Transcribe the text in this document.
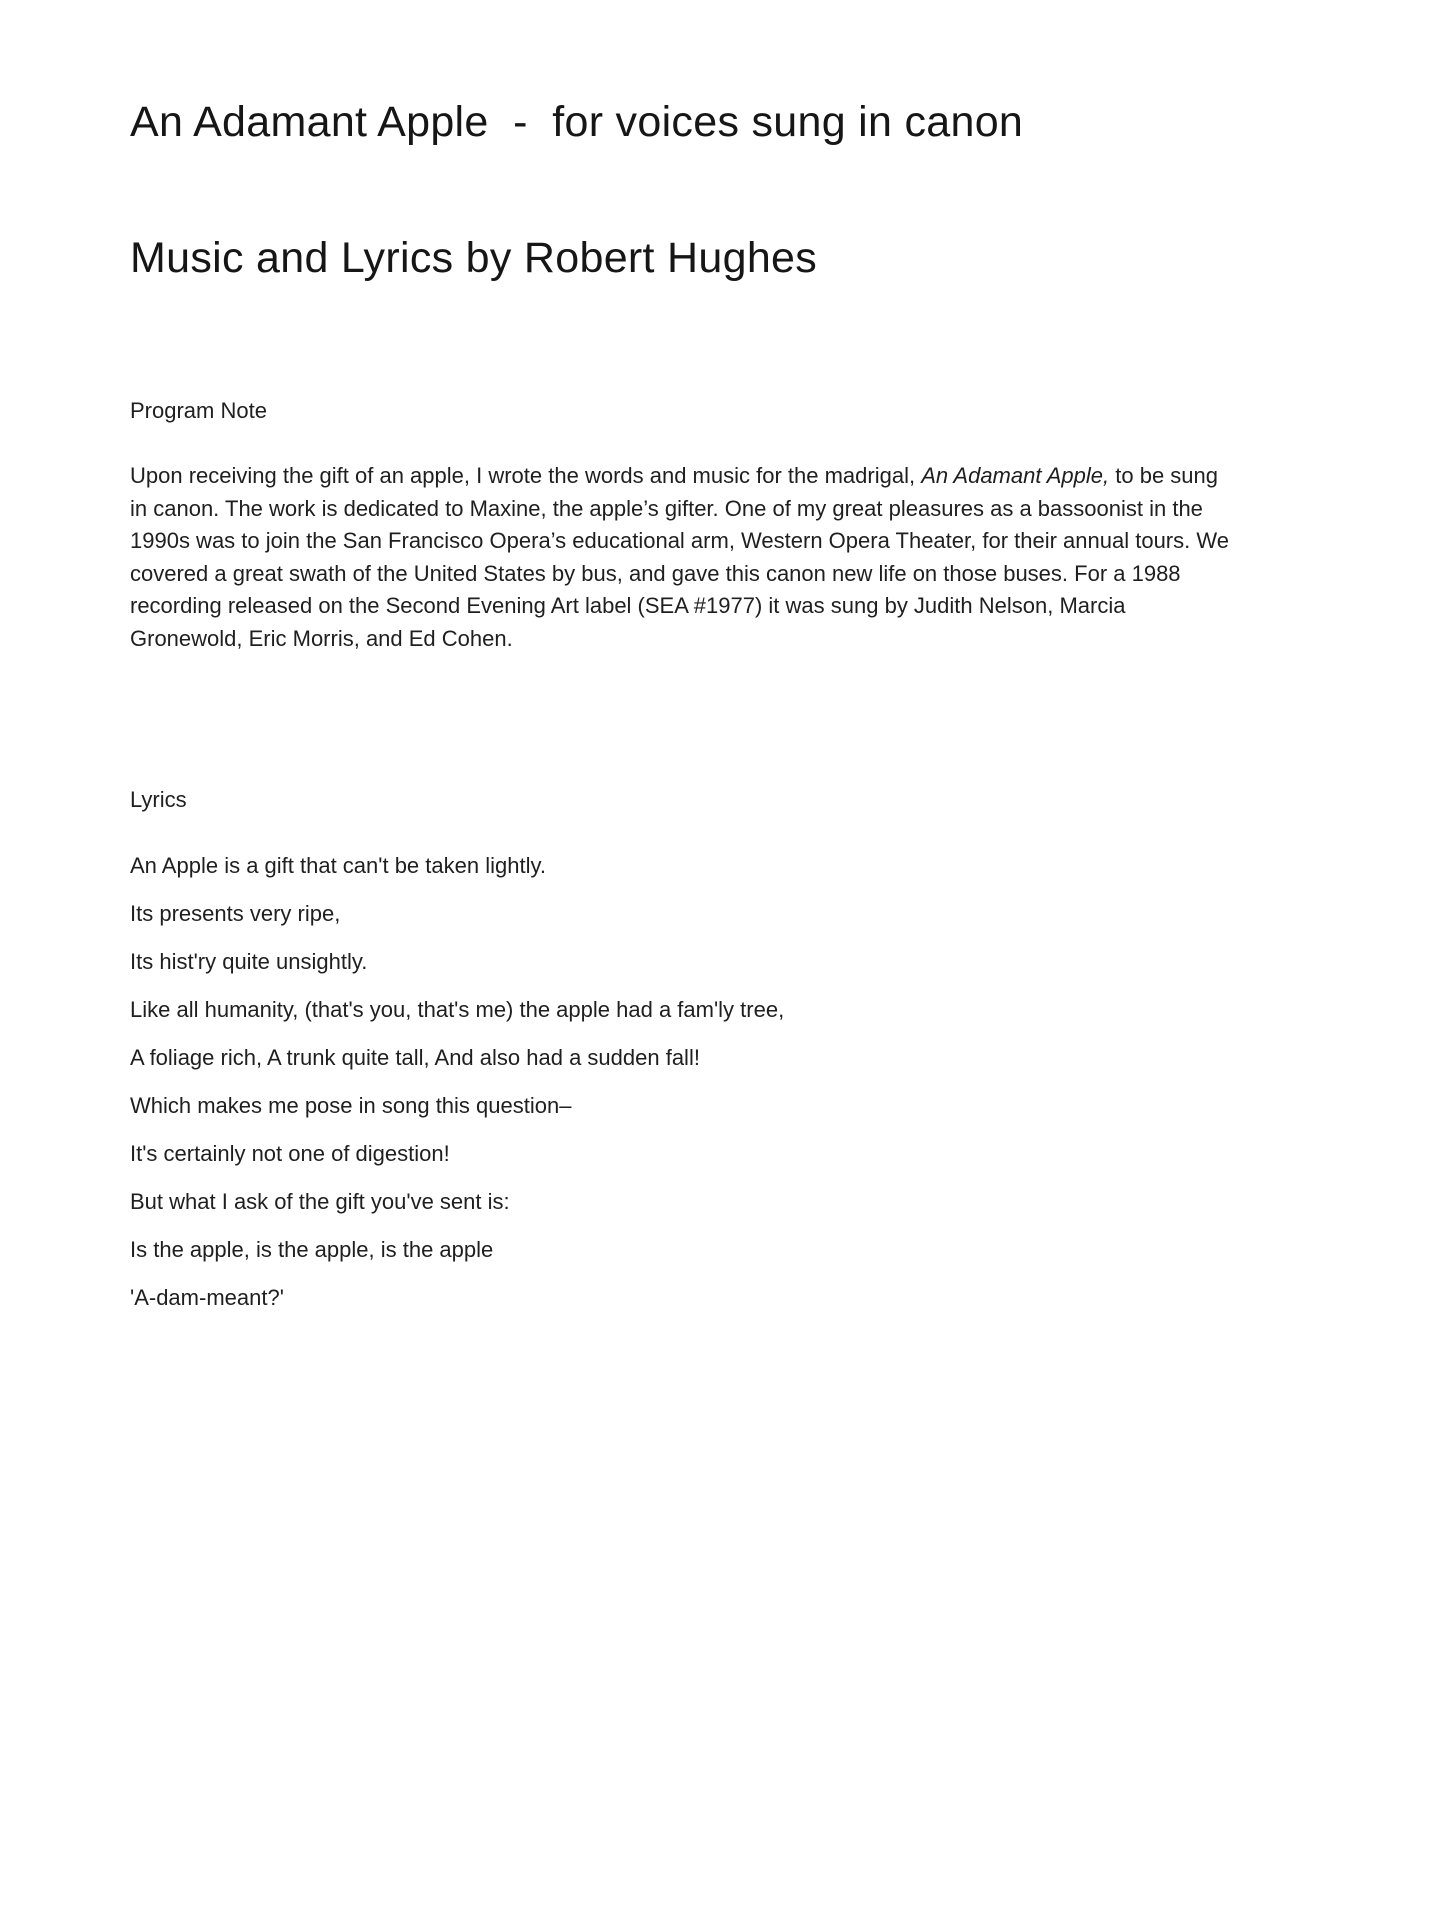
An Adamant Apple  -  for voices sung in canon
Music and Lyrics by Robert Hughes

Program Note

Upon receiving the gift of an apple, I wrote the words and music for the madrigal, An Adamant Apple, to be sung in canon. The work is dedicated to Maxine, the apple’s gifter. One of my great pleasures as a bassoonist in the 1990s was to join the San Francisco Opera’s educational arm, Western Opera Theater, for their annual tours. We covered a great swath of the United States by bus, and gave this canon new life on those buses. For a 1988 recording released on the Second Evening Art label (SEA #1977) it was sung by Judith Nelson, Marcia Gronewold, Eric Morris, and Ed Cohen.

Lyrics

An Apple is a gift that can't be taken lightly.

Its presents very ripe,

Its hist'ry quite unsightly.

Like all humanity, (that's you, that's me) the apple had a fam'ly tree,

A foliage rich, A trunk quite tall, And also had a sudden fall!

Which makes me pose in song this question–

It's certainly not one of digestion!

But what I ask of the gift you've sent is:

Is the apple, is the apple, is the apple

'A-dam-meant?'
